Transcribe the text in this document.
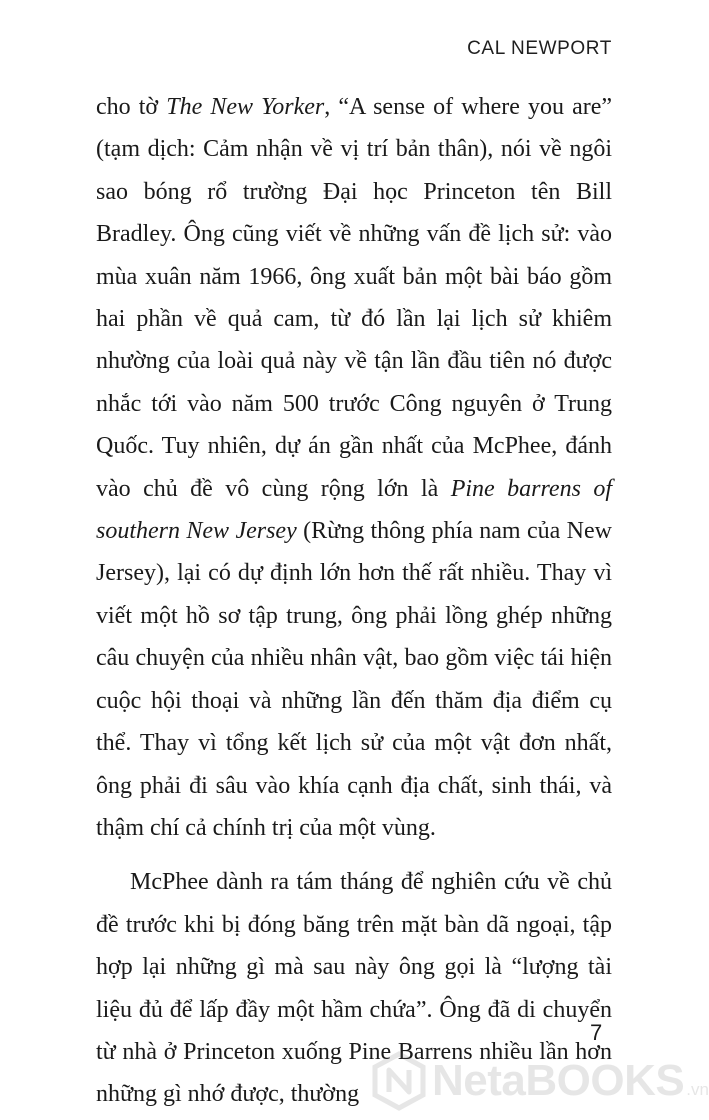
CAL NEWPORT

cho tờ The New Yorker, “A sense of where you are” (tạm dịch: Cảm nhận về vị trí bản thân), nói về ngôi sao bóng rổ trường Đại học Princeton tên Bill Bradley. Ông cũng viết về những vấn đề lịch sử: vào mùa xuân năm 1966, ông xuất bản một bài báo gồm hai phần về quả cam, từ đó lần lại lịch sử khiêm nhường của loài quả này về tận lần đầu tiên nó được nhắc tới vào năm 500 trước Công nguyên ở Trung Quốc. Tuy nhiên, dự án gần nhất của McPhee, đánh vào chủ đề vô cùng rộng lớn là Pine barrens of southern New Jersey (Rừng thông phía nam của New Jersey), lại có dự định lớn hơn thế rất nhiều. Thay vì viết một hồ sơ tập trung, ông phải lồng ghép những câu chuyện của nhiều nhân vật, bao gồm việc tái hiện cuộc hội thoại và những lần đến thăm địa điểm cụ thể. Thay vì tổng kết lịch sử của một vật đơn nhất, ông phải đi sâu vào khía cạnh địa chất, sinh thái, và thậm chí cả chính trị của một vùng.

McPhee dành ra tám tháng để nghiên cứu về chủ đề trước khi bị đóng băng trên mặt bàn dã ngoại, tập hợp lại những gì mà sau này ông gọi là “lượng tài liệu đủ để lấp đầy một hầm chứa”. Ông đã di chuyển từ nhà ở Princeton xuống Pine Barrens nhiều lần hơn những gì nhớ được, thường

7
NetaBOOKS .vn
